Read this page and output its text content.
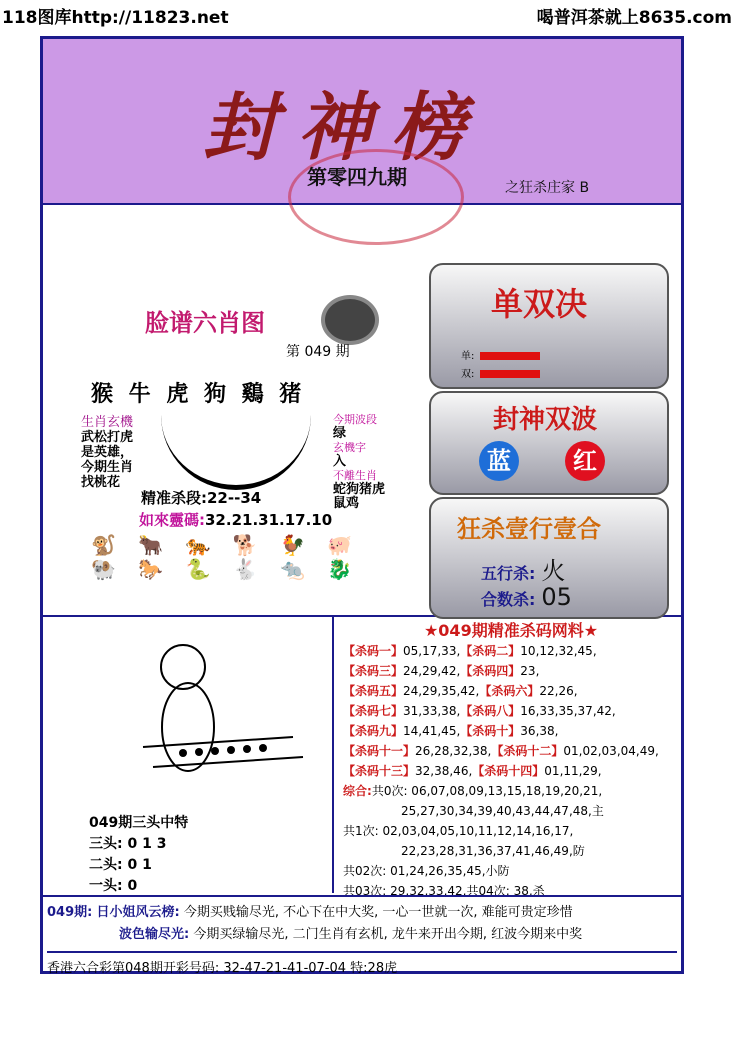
118图库http://11823.net	喝普洱茶就上8635.com
封神榜
第零四九期	之狂杀庄家 B
脸谱六肖图
第 049 期
猴 牛 虎 狗 鷄 猪
生肖玄機
武松打虎是英雄，
今期生肖找桃花
今期波段
绿
玄機字
入
不離生肖
蛇狗猪虎鼠鸡
精准杀段:22--34
如來靈碼:32.21.31.17.10
🐒 🐂 🐅 🐕 🐓 🐖 🐏 🐎 🐍 🐇 🐀 🐉
单双决
单:
双:
封神双波
蓝	红
狂杀壹行壹合
五行杀: 火
合数杀: 05
049期三头中特
三头: 0 1 3
二头: 0 1
一头: 0
★049期精准杀码网料★
【杀码一】05,17,33,【杀码二】10,12,32,45,
【杀码三】24,29,42,【杀码四】23,
【杀码五】24,29,35,42,【杀码六】22,26,
【杀码七】31,33,38,【杀码八】16,33,35,37,42,
【杀码九】14,41,45,【杀码十】36,38,
【杀码十一】26,28,32,38,【杀码十二】01,02,03,04,49,
【杀码十三】32,38,46,【杀码十四】01,11,29,
综合:共0次: 06,07,08,09,13,15,18,19,20,21,
25,27,30,34,39,40,43,44,47,48,主
共1次: 02,03,04,05,10,11,12,14,16,17,
22,23,28,31,36,37,41,46,49,防
共02次: 01,24,26,35,45,小防
共03次: 29,32,33,42,共04次: 38,杀
049期: 日小姐风云榜: 今期买贱输尽光, 不心下在中大奖, 一心一世就一次, 难能可贵定珍惜
波色输尽光: 今期买绿输尽光, 二门生肖有玄机, 龙牛来开出今期, 红波今期来中奖
香港六合彩第048期开彩号码: 32-47-21-41-07-04 特:28虎
